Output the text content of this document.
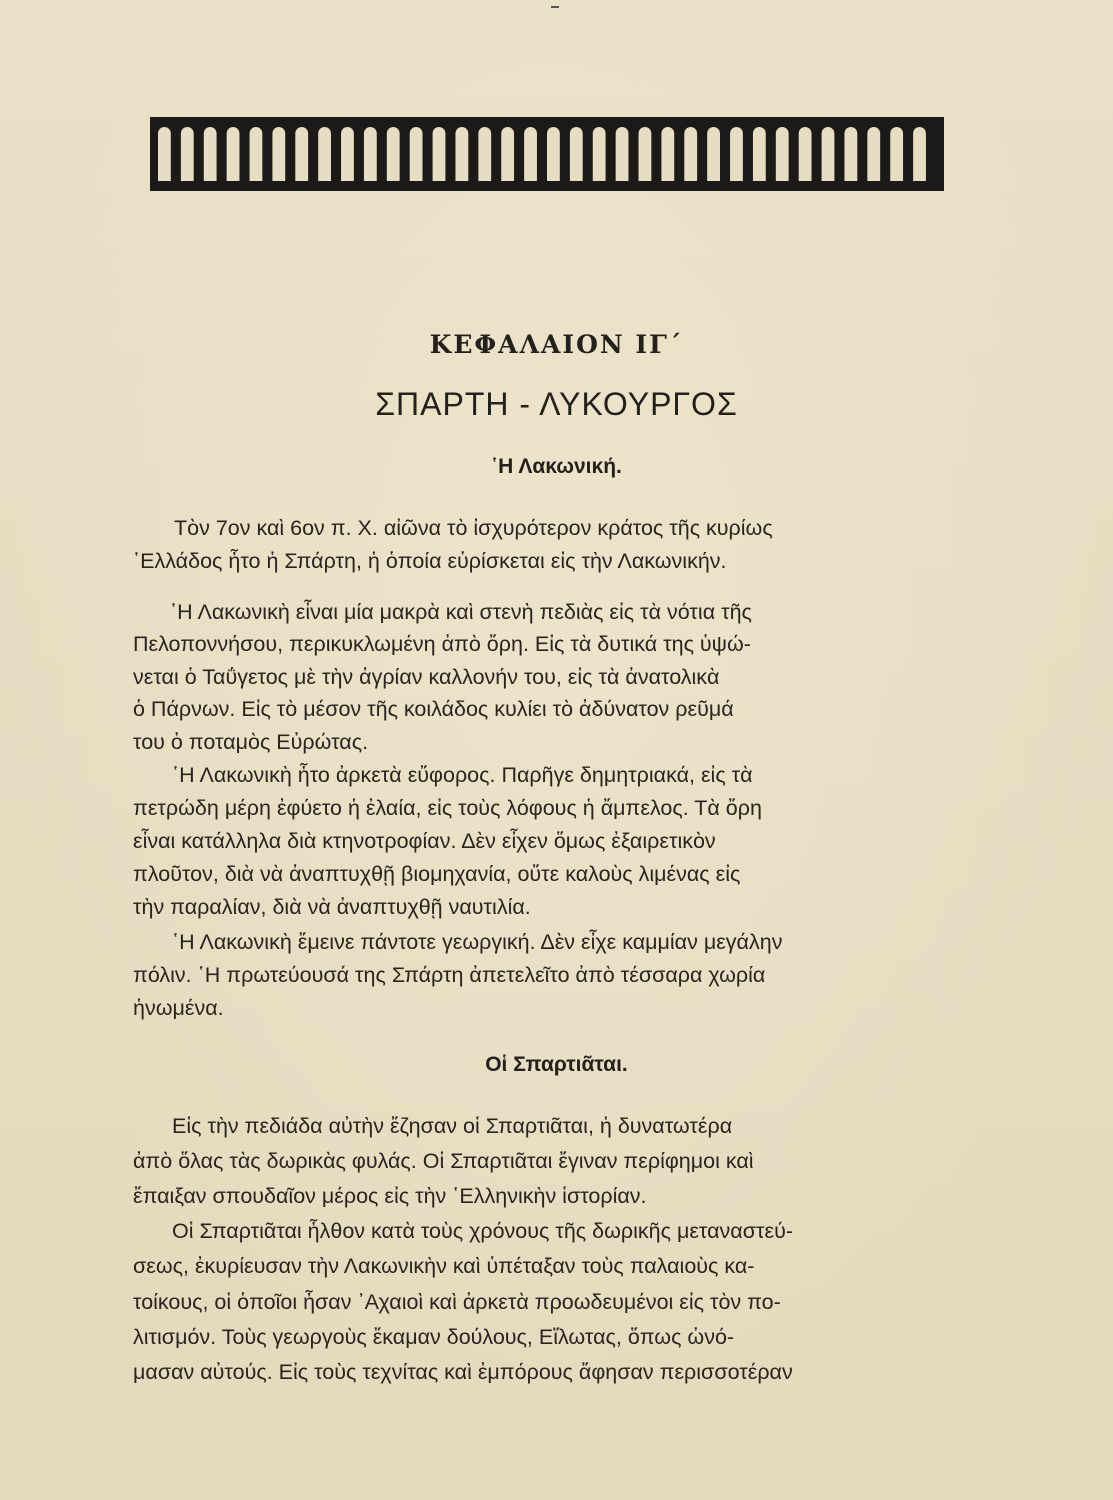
ΚΕΦΑΛΑΙΟΝ ΙΓ΄
ΣΠΑΡΤΗ - ΛΥΚΟΥΡΓΟΣ
῾Η Λακωνική.
Τὸν 7ον καὶ 6ον π. Χ. αἰῶνα τὸ ἰσχυρότερον κράτος τῆς κυρίως
῾Ελλάδος ἦτο ἡ Σπάρτη, ἡ ὁποία εὑρίσκεται εἰς τὴν Λακωνικήν.
῾Η Λακωνικὴ εἶναι μία μακρὰ καὶ στενὴ πεδιὰς εἰς τὰ νότια τῆς
Πελοποννήσου, περικυκλωμένη ἀπὸ ὄρη. Εἰς τὰ δυτικά της ὑψώ-
νεται ὁ Ταΰγετος μὲ τὴν ἀγρίαν καλλονήν του, εἰς τὰ ἀνατολικὰ
ὁ Πάρνων. Εἰς τὸ μέσον τῆς κοιλάδος κυλίει τὸ ἀδύνατον ρεῦμά
του ὁ ποταμὸς Εὐρώτας.
῾Η Λακωνικὴ ἦτο ἀρκετὰ εὔφορος. Παρῆγε δημητριακά, εἰς τὰ
πετρώδη μέρη ἐφύετο ἡ ἐλαία, εἰς τοὺς λόφους ἡ ἄμπελος. Τὰ ὄρη
εἶναι κατάλληλα διὰ κτηνοτροφίαν. Δὲν εἶχεν ὅμως ἐξαιρετικὸν
πλοῦτον, διὰ νὰ ἀναπτυχθῇ βιομηχανία, οὔτε καλοὺς λιμένας εἰς
τὴν παραλίαν, διὰ νὰ ἀναπτυχθῇ ναυτιλία.
῾Η Λακωνικὴ ἔμεινε πάντοτε γεωργική. Δὲν εἶχε καμμίαν μεγάλην
πόλιν. ῾Η πρωτεύουσά της Σπάρτη ἀπετελεῖτο ἀπὸ τέσσαρα χωρία
ἡνωμένα.
Οἱ Σπαρτιᾶται.
Εἰς τὴν πεδιάδα αὐτὴν ἔζησαν οἱ Σπαρτιᾶται, ἡ δυνατωτέρα
ἀπὸ ὅλας τὰς δωρικὰς φυλάς. Οἱ Σπαρτιᾶται ἔγιναν περίφημοι καὶ
ἔπαιξαν σπουδαῖον μέρος εἰς τὴν ῾Ελληνικὴν ἱστορίαν.
Οἱ Σπαρτιᾶται ἦλθον κατὰ τοὺς χρόνους τῆς δωρικῆς μεταναστεύ-
σεως, ἐκυρίευσαν τὴν Λακωνικὴν καὶ ὑπέταξαν τοὺς παλαιοὺς κα-
τοίκους, οἱ ὁποῖοι ἦσαν ᾿Αχαιοὶ καὶ ἀρκετὰ προωδευμένοι εἰς τὸν πο-
λιτισμόν. Τοὺς γεωργοὺς ἔκαμαν δούλους, Εἵλωτας, ὅπως ὠνό-
μασαν αὐτούς. Εἰς τοὺς τεχνίτας καὶ ἐμπόρους ἄφησαν περισσοτέραν
